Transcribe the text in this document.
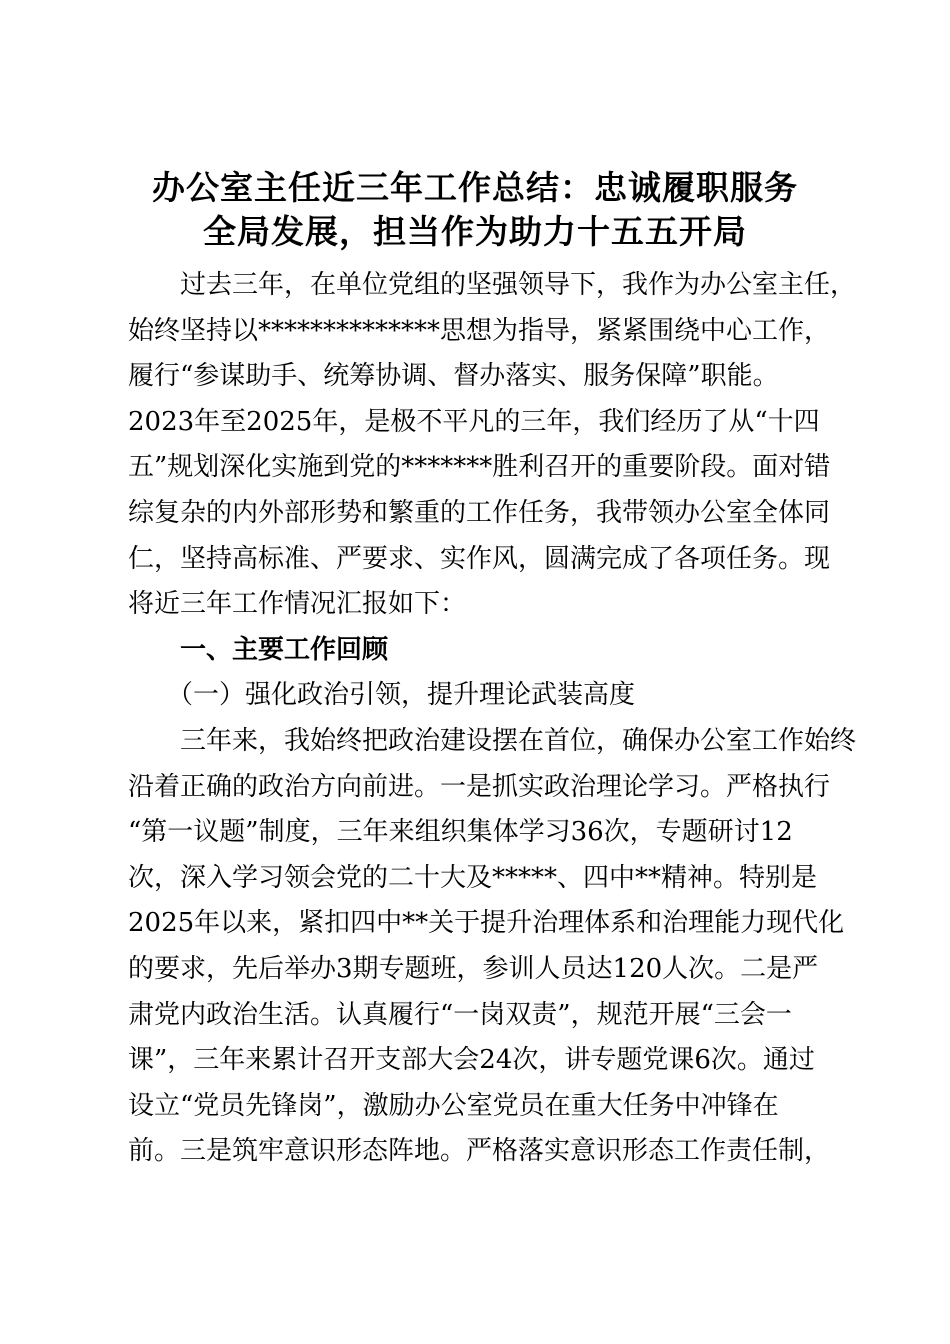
办公室主任近三年工作总结：忠诚履职服务
全局发展，担当作为助力十五五开局
　　过去三年，在单位党组的坚强领导下，我作为办公室主任，
始终坚持以**************思想为指导，紧紧围绕中心工作，
履行“参谋助手、统筹协调、督办落实、服务保障”职能。
2023年至2025年，是极不平凡的三年，我们经历了从“十四
五”规划深化实施到党的*******胜利召开的重要阶段。面对错
综复杂的内外部形势和繁重的工作任务，我带领办公室全体同
仁，坚持高标准、严要求、实作风，圆满完成了各项任务。现
将近三年工作情况汇报如下：
　　一、主要工作回顾
　　（一）强化政治引领，提升理论武装高度
　　三年来，我始终把政治建设摆在首位，确保办公室工作始终
沿着正确的政治方向前进。一是抓实政治理论学习。严格执行
“第一议题”制度，三年来组织集体学习36次，专题研讨12
次，深入学习领会党的二十大及*****、四中**精神。特别是
2025年以来，紧扣四中**关于提升治理体系和治理能力现代化
的要求，先后举办3期专题班，参训人员达120人次。二是严
肃党内政治生活。认真履行“一岗双责”，规范开展“三会一
课”，三年来累计召开支部大会24次，讲专题党课6次。通过
设立“党员先锋岗”，激励办公室党员在重大任务中冲锋在
前。三是筑牢意识形态阵地。严格落实意识形态工作责任制，
